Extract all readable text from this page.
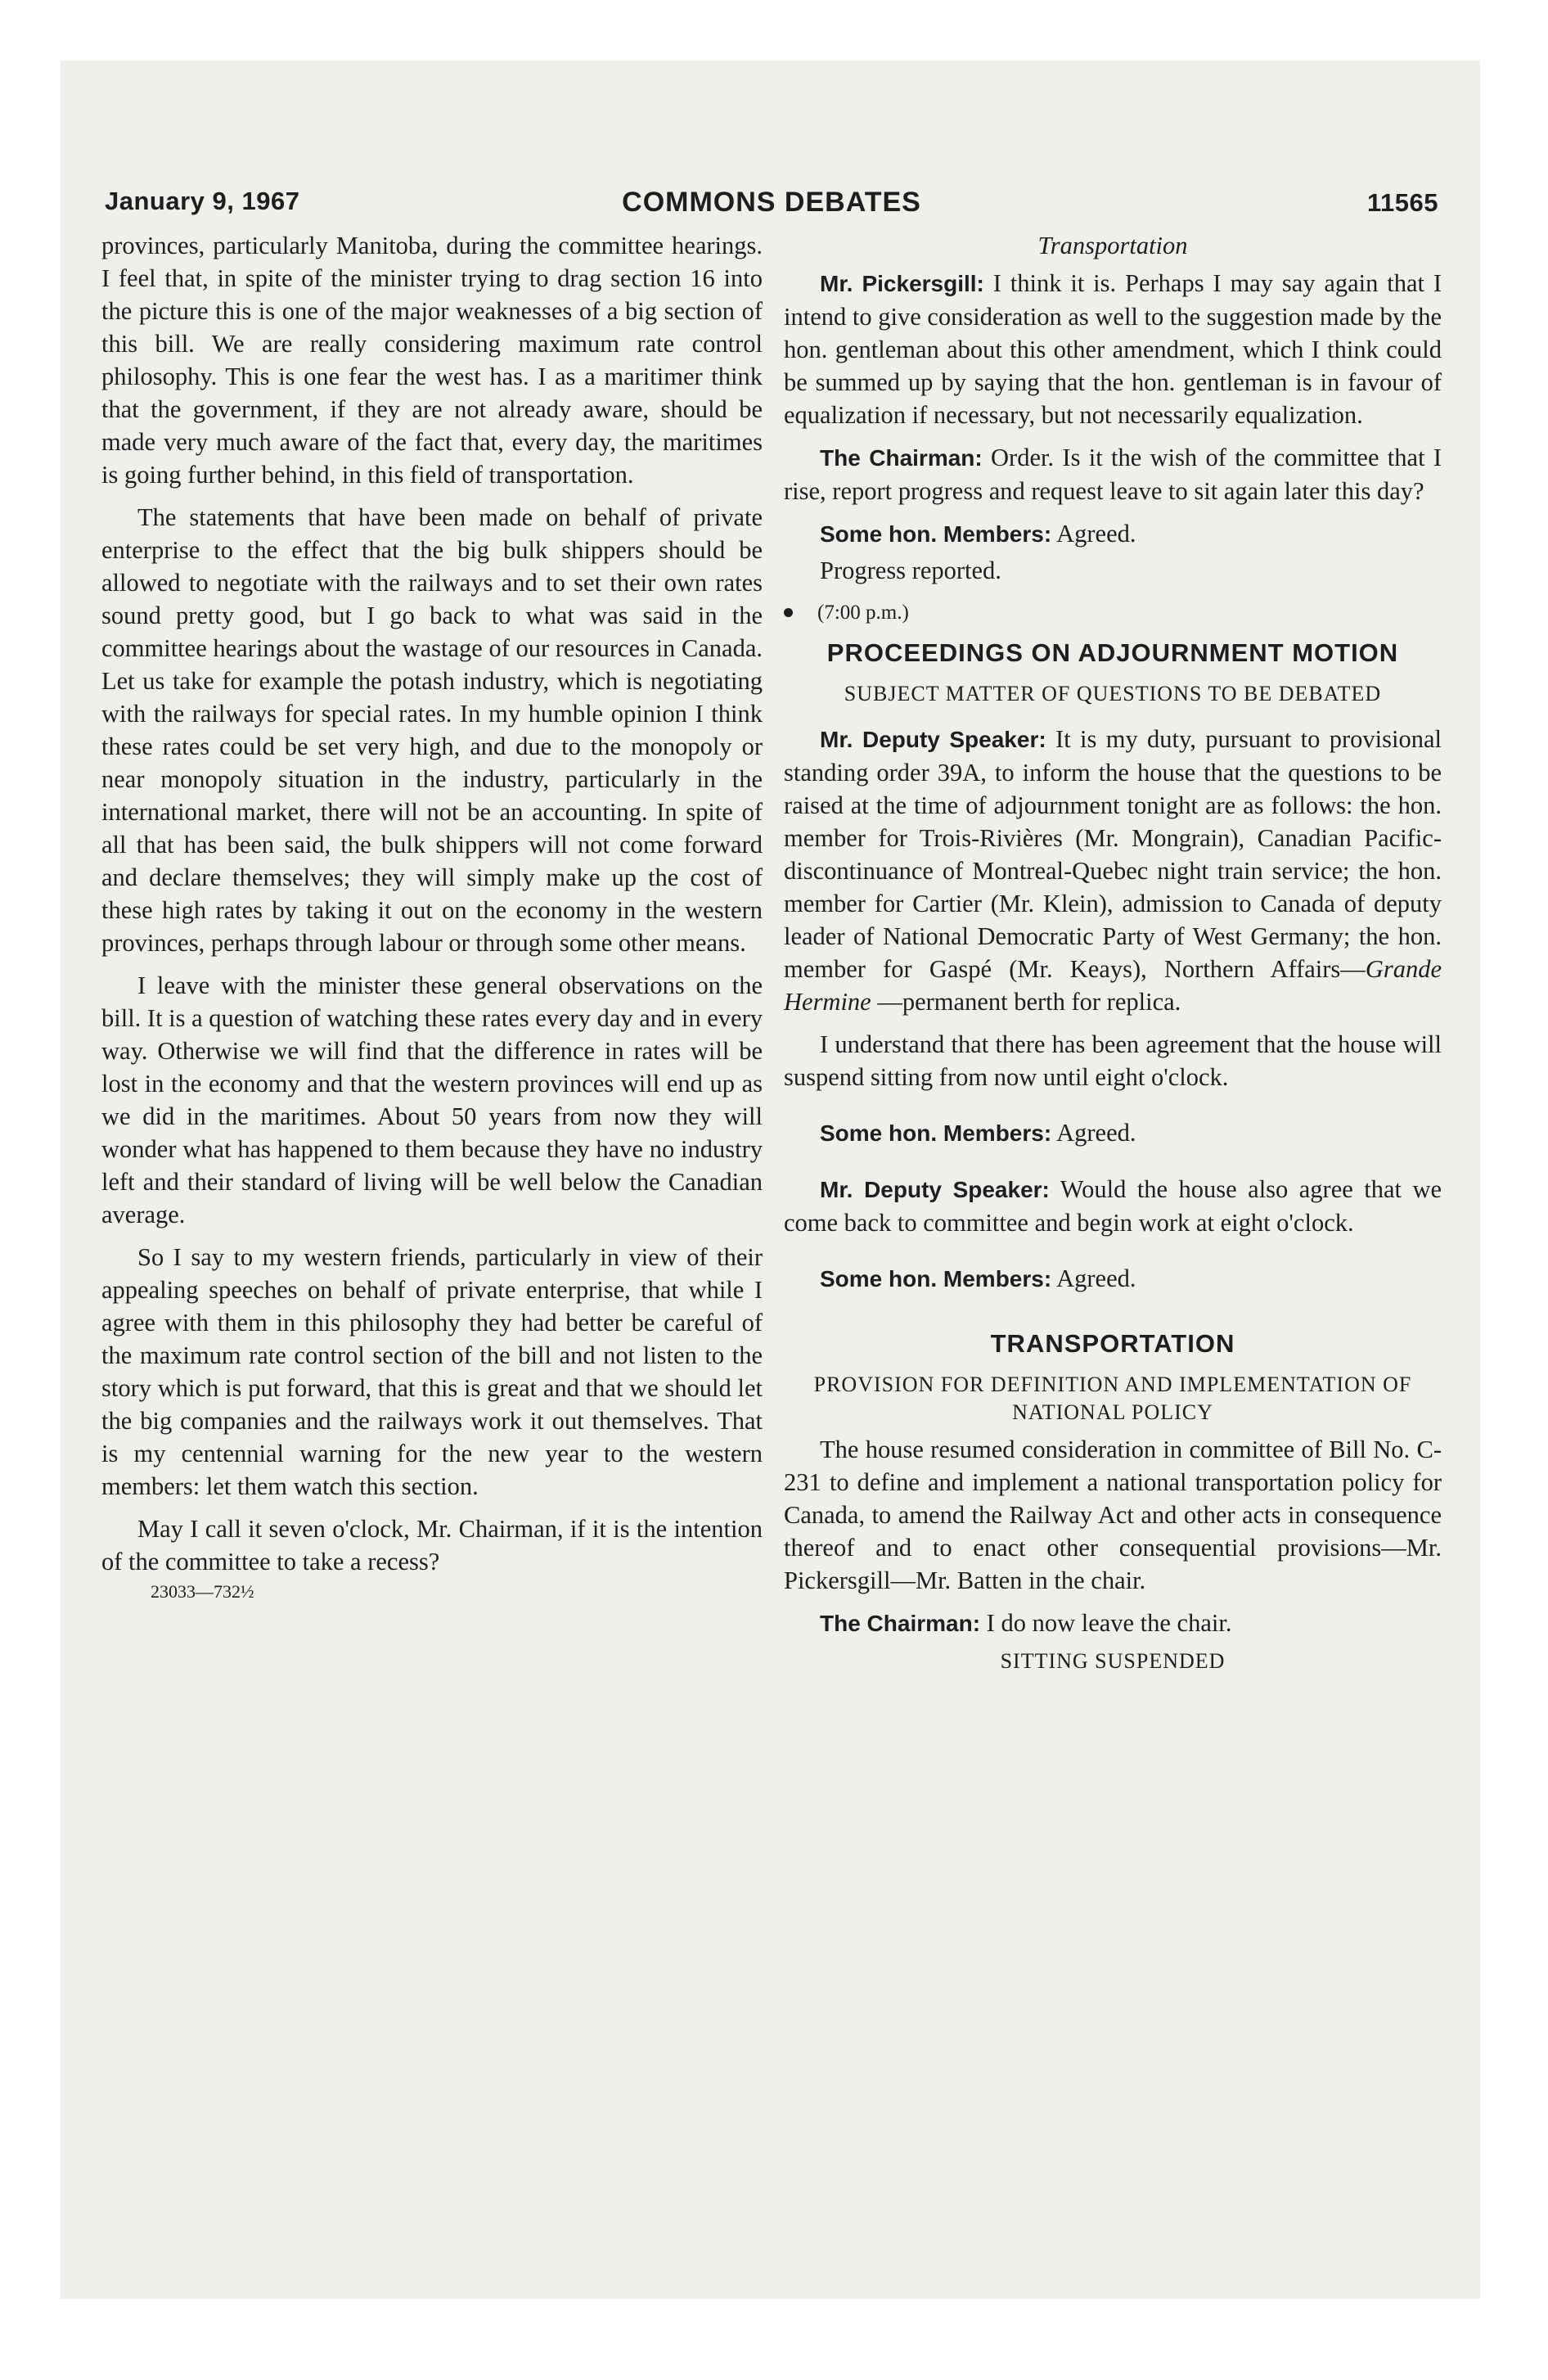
January 9, 1967	COMMONS DEBATES	11565

provinces, particularly Manitoba, during the committee hearings. I feel that, in spite of the minister trying to drag section 16 into the picture this is one of the major weaknesses of a big section of this bill. We are really considering maximum rate control philosophy. This is one fear the west has. I as a maritimer think that the government, if they are not already aware, should be made very much aware of the fact that, every day, the maritimes is going further behind, in this field of transportation.

The statements that have been made on behalf of private enterprise to the effect that the big bulk shippers should be allowed to negotiate with the railways and to set their own rates sound pretty good, but I go back to what was said in the committee hearings about the wastage of our resources in Canada. Let us take for example the potash industry, which is negotiating with the railways for special rates. In my humble opinion I think these rates could be set very high, and due to the monopoly or near monopoly situation in the industry, particularly in the international market, there will not be an accounting. In spite of all that has been said, the bulk shippers will not come forward and declare themselves; they will simply make up the cost of these high rates by taking it out on the economy in the western provinces, perhaps through labour or through some other means.

I leave with the minister these general observations on the bill. It is a question of watching these rates every day and in every way. Otherwise we will find that the difference in rates will be lost in the economy and that the western provinces will end up as we did in the maritimes. About 50 years from now they will wonder what has happened to them because they have no industry left and their standard of living will be well below the Canadian average.

So I say to my western friends, particularly in view of their appealing speeches on behalf of private enterprise, that while I agree with them in this philosophy they had better be careful of the maximum rate control section of the bill and not listen to the story which is put forward, that this is great and that we should let the big companies and the railways work it out themselves. That is my centennial warning for the new year to the western members: let them watch this section.

May I call it seven o'clock, Mr. Chairman, if it is the intention of the committee to take a recess?

23033—732½
Transportation

Mr. Pickersgill: I think it is. Perhaps I may say again that I intend to give consideration as well to the suggestion made by the hon. gentleman about this other amendment, which I think could be summed up by saying that the hon. gentleman is in favour of equalization if necessary, but not necessarily equalization.

The Chairman: Order. Is it the wish of the committee that I rise, report progress and request leave to sit again later this day?

Some hon. Members: Agreed.

Progress reported.

(7:00 p.m.)
PROCEEDINGS ON ADJOURNMENT MOTION
SUBJECT MATTER OF QUESTIONS TO BE DEBATED

Mr. Deputy Speaker: It is my duty, pursuant to provisional standing order 39A, to inform the house that the questions to be raised at the time of adjournment tonight are as follows: the hon. member for Trois-Rivières (Mr. Mongrain), Canadian Pacific-discontinuance of Montreal-Quebec night train service; the hon. member for Cartier (Mr. Klein), admission to Canada of deputy leader of National Democratic Party of West Germany; the hon. member for Gaspé (Mr. Keays), Northern Affairs—Grande Hermine —permanent berth for replica.

I understand that there has been agreement that the house will suspend sitting from now until eight o'clock.

Some hon. Members: Agreed.

Mr. Deputy Speaker: Would the house also agree that we come back to committee and begin work at eight o'clock.

Some hon. Members: Agreed.

TRANSPORTATION
PROVISION FOR DEFINITION AND IMPLEMENTATION OF NATIONAL POLICY

The house resumed consideration in committee of Bill No. C-231 to define and implement a national transportation policy for Canada, to amend the Railway Act and other acts in consequence thereof and to enact other consequential provisions—Mr. Pickersgill—Mr. Batten in the chair.

The Chairman: I do now leave the chair.

SITTING SUSPENDED
